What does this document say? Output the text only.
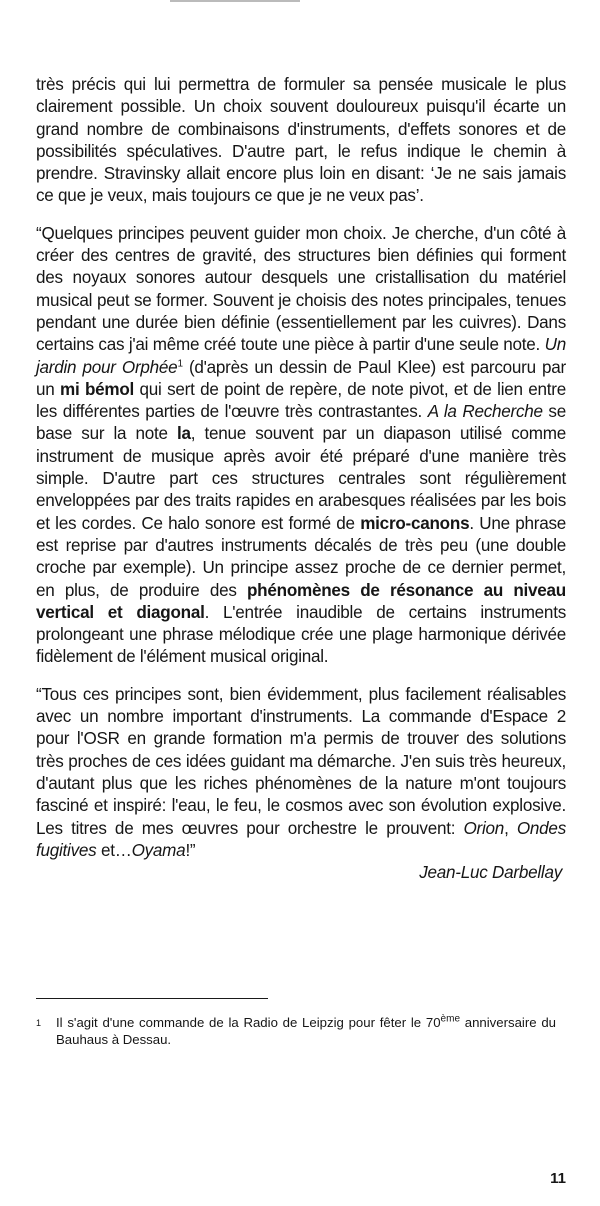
très précis qui lui permettra de formuler sa pensée musicale le plus clairement possible. Un choix souvent douloureux puisqu'il écarte un grand nombre de combinaisons d'instruments, d'effets sonores et de possibilités spéculatives. D'autre part, le refus indique le chemin à prendre. Stravinsky allait encore plus loin en disant: ‘Je ne sais jamais ce que je veux, mais toujours ce que je ne veux pas’.

“Quelques principes peuvent guider mon choix. Je cherche, d'un côté à créer des centres de gravité, des structures bien définies qui forment des noyaux sonores autour desquels une cristallisation du matériel musical peut se former. Souvent je choisis des notes principales, tenues pendant une durée bien définie (essentiellement par les cuivres). Dans certains cas j'ai même créé toute une pièce à partir d'une seule note. Un jardin pour Orphée$^1$ (d'après un dessin de Paul Klee) est parcouru par un mi bémol qui sert de point de repère, de note pivot, et de lien entre les différentes parties de l'œuvre très contrastantes. A la Recherche se base sur la note la, tenue souvent par un diapason utilisé comme instrument de musique après avoir été préparé d'une manière très simple. D'autre part ces structures centrales sont régulièrement enveloppées par des traits rapides en arabesques réalisées par les bois et les cordes. Ce halo sonore est formé de micro-canons. Une phrase est reprise par d'autres instruments décalés de très peu (une double croche par exemple). Un principe assez proche de ce dernier permet, en plus, de produire des phénomènes de résonance au niveau vertical et diagonal. L'entrée inaudible de certains instruments prolongeant une phrase mélodique crée une plage harmonique dérivée fidèlement de l'élément musical original.

“Tous ces principes sont, bien évidemment, plus facilement réalisables avec un nombre important d'instruments. La commande d'Espace 2 pour l'OSR en grande formation m'a permis de trouver des solutions très proches de ces idées guidant ma démarche. J'en suis très heureux, d'autant plus que les riches phénomènes de la nature m'ont toujours fasciné et inspiré: l'eau, le feu, le cosmos avec son évolution explosive. Les titres de mes œuvres pour orchestre le prouvent: Orion, Ondes fugitives et…Oyama!”

Jean-Luc Darbellay
1 Il s'agit d'une commande de la Radio de Leipzig pour fêter le 70ème anniversaire du Bauhaus à Dessau.
11
